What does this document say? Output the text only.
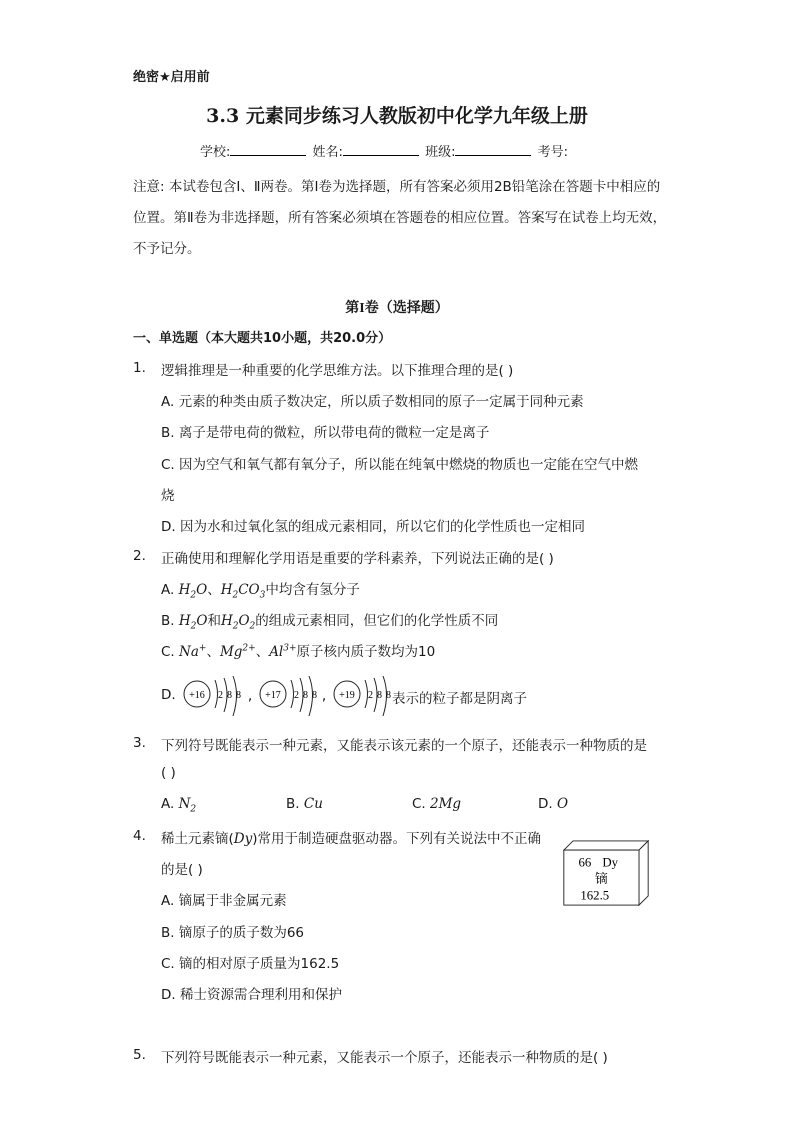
绝密★启用前
3.3 元素同步练习人教版初中化学九年级上册
学校:	姓名:	班级:	考号:
注意: 本试卷包含Ⅰ、Ⅱ两卷。第Ⅰ卷为选择题，所有答案必须用2B铅笔涂在答题卡中相应的位置。第Ⅱ卷为非选择题，所有答案必须填在答题卷的相应位置。答案写在试卷上均无效，不予记分。
第I卷（选择题）
一、单选题（本大题共10小题，共20.0分）
1. 逻辑推理是一种重要的化学思维方法。以下推理合理的是( )
A. 元素的种类由质子数决定，所以质子数相同的原子一定属于同种元素
B. 离子是带电荷的微粒，所以带电荷的微粒一定是离子
C. 因为空气和氧气都有氧分子，所以能在纯氧中燃烧的物质也一定能在空气中燃
烧
D. 因为水和过氧化氢的组成元素相同，所以它们的化学性质也一定相同
2. 正确使用和理解化学用语是重要的学科素养，下列说法正确的是( )
A. $H_2O$、$H_2CO_3$中均含有氢分子
B. $H_2O$和$H_2O_2$的组成元素相同，但它们的化学性质不同
C. Na+、$Mg^{2+}$、$Al^{3+}$原子核内质子数均为10
D. +16 2 8 8 , +17 2 8 8 , +19 2 8 8 表示的粒子都是阴离子
3. 下列符号既能表示一种元素，又能表示该元素的一个原子，还能表示一种物质的是
( )
A. $N_2$	B. Cu	C. 2Mg	D. O
4. 稀土元素镝(Dy)常用于制造硬盘驱动器。下列有关说法中不正确
的是( )
A. 镝属于非金属元素
B. 镝原子的质子数为66
C. 镝的相对原子质量为162.5
D. 稀士资源需合理利用和保护
66 Dy
镝
162.5
5. 下列符号既能表示一种元素，又能表示一个原子，还能表示一种物质的是( )
